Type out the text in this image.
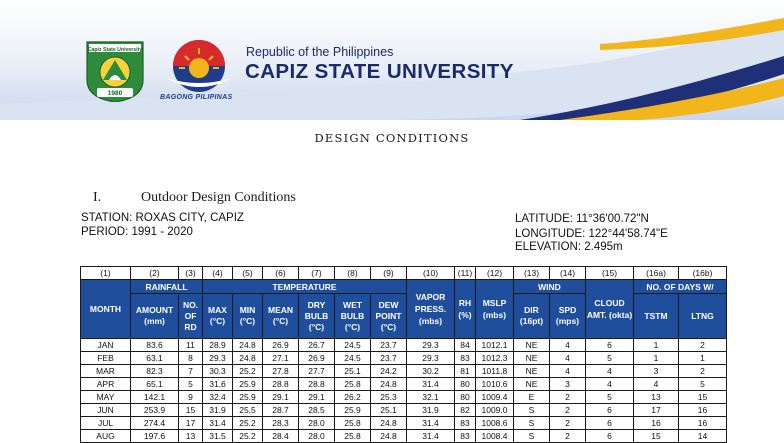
Capiz State University
1980
BAGONG PILIPINAS
Republic of the Philippines
CAPIZ STATE UNIVERSITY
DESIGN CONDITIONS
I.	Outdoor Design Conditions
STATION: ROXAS CITY, CAPIZ
PERIOD: 1991 - 2020
LATITUDE: 11°36'00.72"N
LONGITUDE: 122°44'58.74"E
ELEVATION: 2.495m
(1)	(2)	(3)	(4)	(5)	(6)	(7)	(8)	(9)	(10)	(11)	(12)	(13)	(14)	(15)	(16a)	(16b)
MONTH	RAINFALL		TEMPERATURE						VAPOR PRESS. (mbs)	RH (%)	MSLP (mbs)	WIND		CLOUD AMT. (okta)	NO. OF DAYS W/	
	AMOUNT (mm)	NO. OF RD	MAX (°C)	MIN (°C)	MEAN (°C)	DRY BULB (°C)	WET BULB (°C)	DEW POINT (°C)				DIR (16pt)	SPD (mps)		TSTM	LTNG
JAN	83.6	11	28.9	24.8	26.9	26.7	24.5	23.7	29.3	84	1012.1	NE	4	6	1	2
FEB	63.1	8	29.3	24.8	27.1	26.9	24.5	23.7	29.3	83	1012.3	NE	4	5	1	1
MAR	82.3	7	30.3	25.2	27.8	27.7	25.1	24.2	30.2	81	1011.8	NE	4	4	3	2
APR	65.1	5	31.6	25.9	28.8	28.8	25.8	24.8	31.4	80	1010.6	NE	3	4	4	5
MAY	142.1	9	32.4	25.9	29.1	29.1	26.2	25.3	32.1	80	1009.4	E	2	5	13	15
JUN	253.9	15	31.9	25.5	28.7	28.5	25.9	25.1	31.9	82	1009.0	S	2	6	17	16
JUL	274.4	17	31.4	25.2	28.3	28.0	25.8	24.8	31.4	83	1008.6	S	2	6	16	16
AUG	197.6	13	31.5	25.2	28.4	28.0	25.8	24.8	31.4	83	1008.4	S	2	6	15	14
